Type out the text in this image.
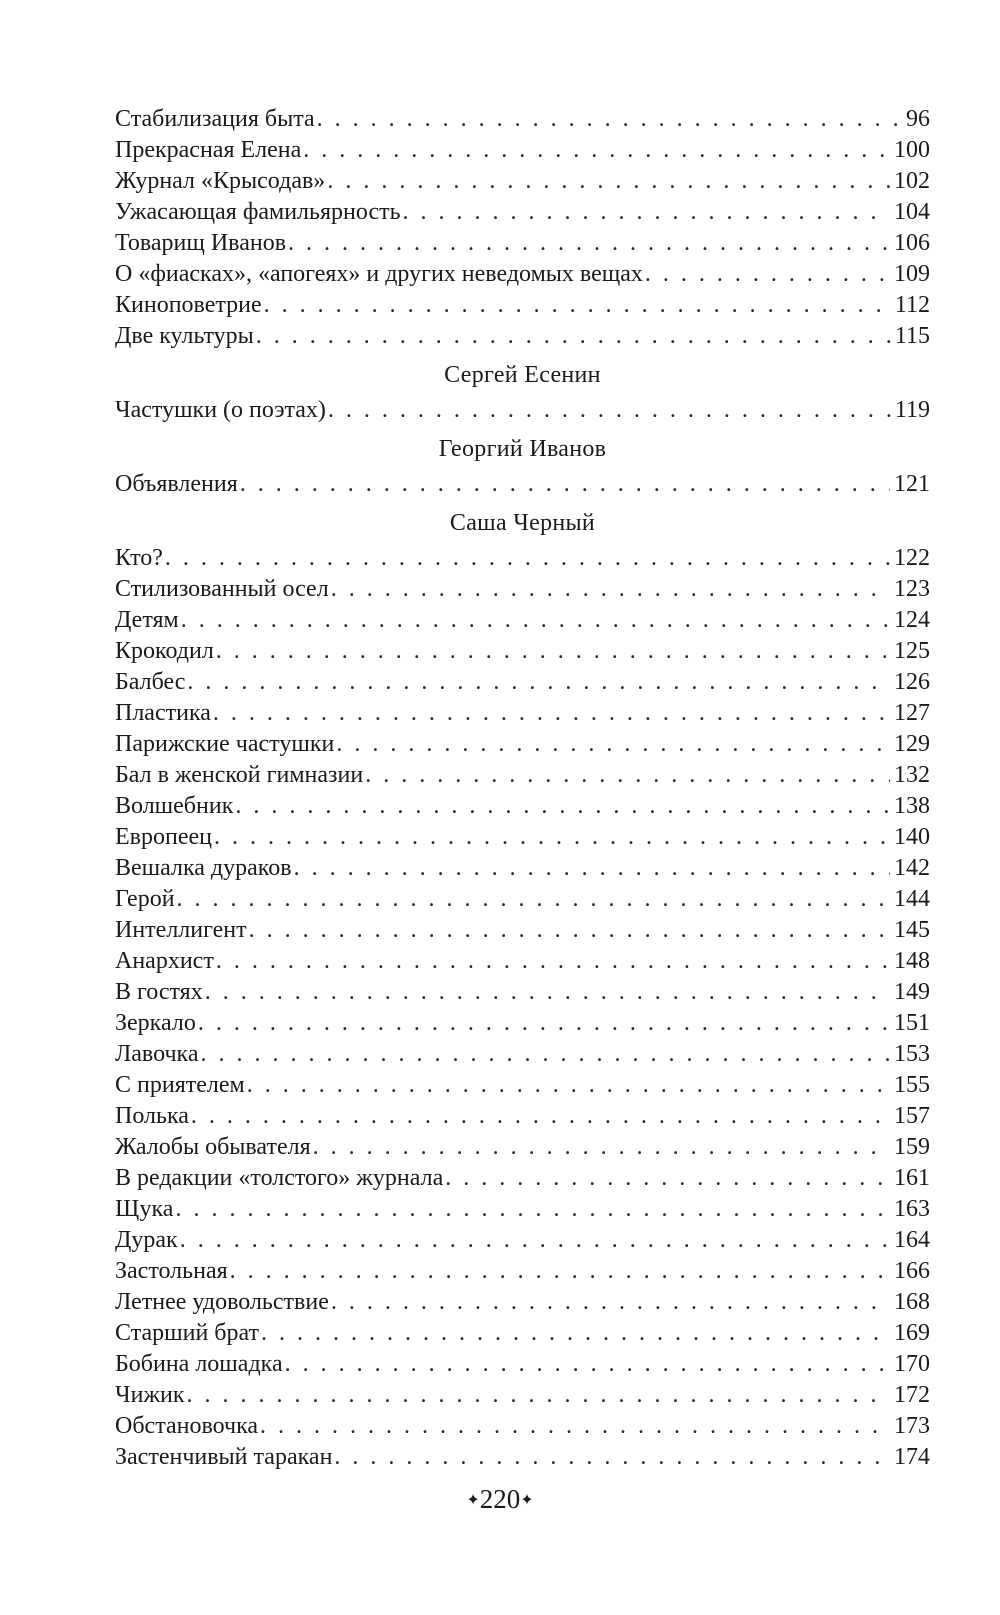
Стабилизация быта . . .	96
Прекрасная Елена . . .	100
Журнал «Крысодав» . . .	102
Ужасающая фамильярность . . .	104
Товарищ Иванов . . .	106
О «фиасках», «апогеях» и других неведомых вещах . . .	109
Киноповетрие . . .	112
Две культуры . . .	115
Сергей Есенин
Частушки (о поэтах) . . .	119
Георгий Иванов
Объявления . . .	121
Саша Черный
Кто? . . .	122
Стилизованный осел . . .	123
Детям . . .	124
Крокодил . . .	125
Балбес . . .	126
Пластика . . .	127
Парижские частушки . . .	129
Бал в женской гимназии . . .	132
Волшебник . . .	138
Европеец . . .	140
Вешалка дураков . . .	142
Герой . . .	144
Интеллигент . . .	145
Анархист . . .	148
В гостях . . .	149
Зеркало . . .	151
Лавочка . . .	153
С приятелем . . .	155
Полька . . .	157
Жалобы обывателя . . .	159
В редакции «толстого» журнала . . .	161
Щука . . .	163
Дурак . . .	164
Застольная . . .	166
Летнее удовольствие . . .	168
Старший брат . . .	169
Бобина лошадка . . .	170
Чижик . . .	172
Обстановочка . . .	173
Застенчивый таракан . . .	174
✦220✦
